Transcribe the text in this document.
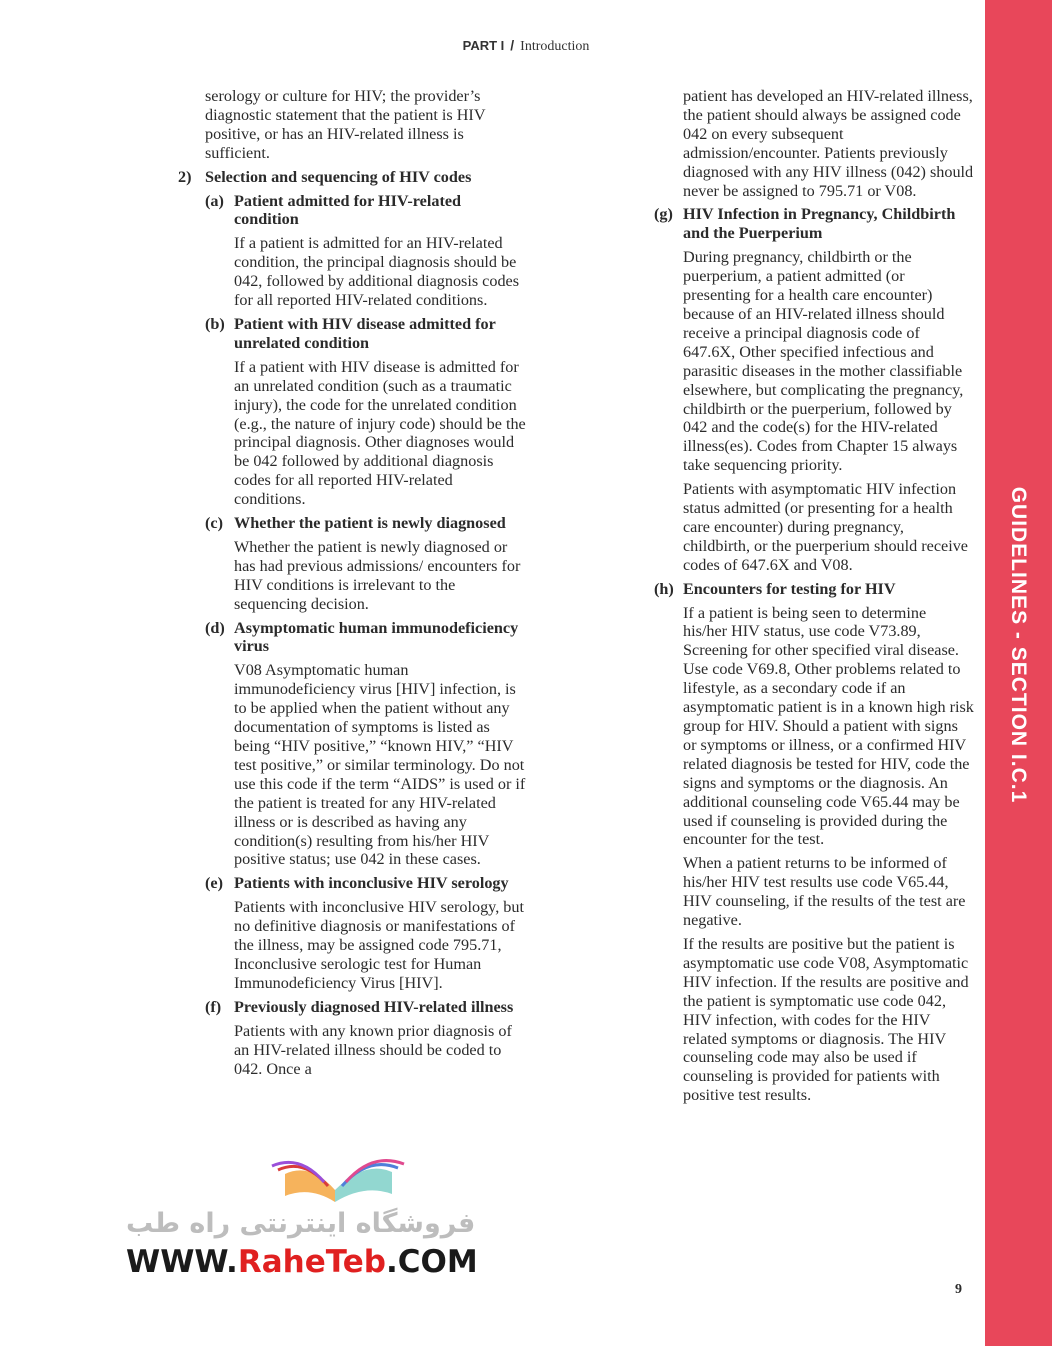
PART I / Introduction

serology or culture for HIV; the provider’s diagnostic statement that the patient is HIV positive, or has an HIV-related illness is sufficient.

2) Selection and sequencing of HIV codes
(a) Patient admitted for HIV-related condition

If a patient is admitted for an HIV-related condition, the principal diagnosis should be 042, followed by additional diagnosis codes for all reported HIV-related conditions.

(b) Patient with HIV disease admitted for unrelated condition

If a patient with HIV disease is admitted for an unrelated condition (such as a traumatic injury), the code for the unrelated condition (e.g., the nature of injury code) should be the principal diagnosis. Other diagnoses would be 042 followed by additional diagnosis codes for all reported HIV-related conditions.

(c) Whether the patient is newly diagnosed

Whether the patient is newly diagnosed or has had previous admissions/ encounters for HIV conditions is irrelevant to the sequencing decision.

(d) Asymptomatic human immunodeficiency virus

V08 Asymptomatic human immunodeficiency virus [HIV] infection, is to be applied when the patient without any documentation of symptoms is listed as being “HIV positive,” “known HIV,” “HIV test positive,” or similar terminology. Do not use this code if the term “AIDS” is used or if the patient is treated for any HIV-related illness or is described as having any condition(s) resulting from his/her HIV positive status; use 042 in these cases.

(e) Patients with inconclusive HIV serology

Patients with inconclusive HIV serology, but no definitive diagnosis or manifestations of the illness, may be assigned code 795.71, Inconclusive serologic test for Human Immunodeficiency Virus [HIV].

(f) Previously diagnosed HIV-related illness

Patients with any known prior diagnosis of an HIV-related illness should be coded to 042. Once a

patient has developed an HIV-related illness, the patient should always be assigned code 042 on every subsequent admission/encounter. Patients previously diagnosed with any HIV illness (042) should never be assigned to 795.71 or V08.

(g) HIV Infection in Pregnancy, Childbirth and the Puerperium

During pregnancy, childbirth or the puerperium, a patient admitted (or presenting for a health care encounter) because of an HIV-related illness should receive a principal diagnosis code of 647.6X, Other specified infectious and parasitic diseases in the mother classifiable elsewhere, but complicating the pregnancy, childbirth or the puerperium, followed by 042 and the code(s) for the HIV-related illness(es). Codes from Chapter 15 always take sequencing priority.

Patients with asymptomatic HIV infection status admitted (or presenting for a health care encounter) during pregnancy, childbirth, or the puerperium should receive codes of 647.6X and V08.

(h) Encounters for testing for HIV

If a patient is being seen to determine his/her HIV status, use code V73.89, Screening for other specified viral disease. Use code V69.8, Other problems related to lifestyle, as a secondary code if an asymptomatic patient is in a known high risk group for HIV. Should a patient with signs or symptoms or illness, or a confirmed HIV related diagnosis be tested for HIV, code the signs and symptoms or the diagnosis. An additional counseling code V65.44 may be used if counseling is provided during the encounter for the test.

When a patient returns to be informed of his/her HIV test results use code V65.44, HIV counseling, if the results of the test are negative.

If the results are positive but the patient is asymptomatic use code V08, Asymptomatic HIV infection. If the results are positive and the patient is symptomatic use code 042, HIV infection, with codes for the HIV related symptoms or diagnosis. The HIV counseling code may also be used if counseling is provided for patients with positive test results.

GUIDELINES - SECTION I.C.1
9
فروشگاه اینترنتی راه طب
WWW.RaheTeb.COM
